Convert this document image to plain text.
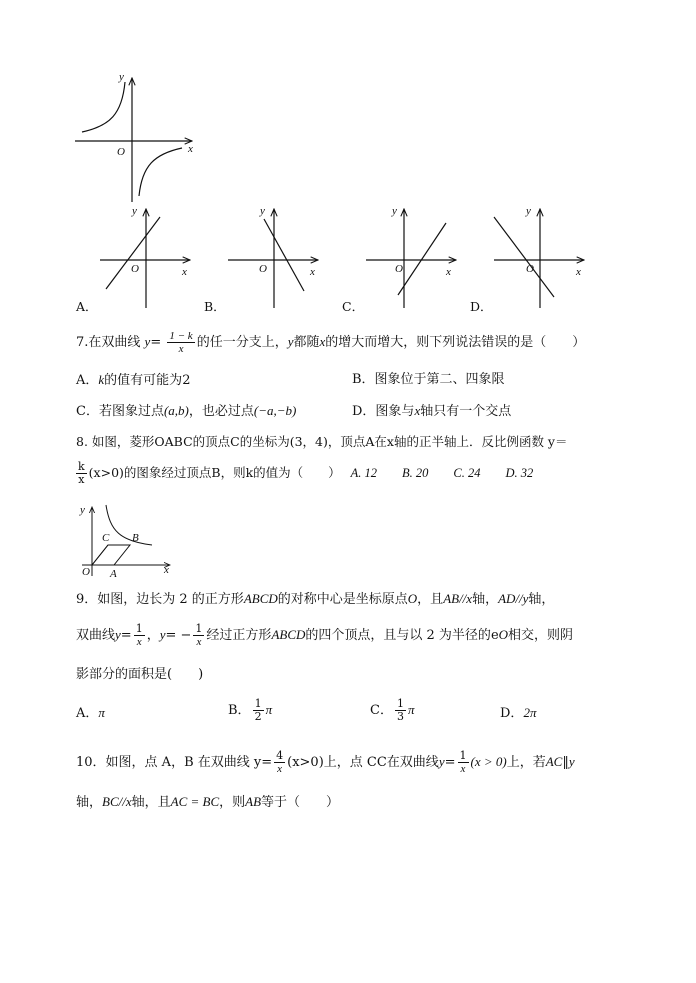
y
O	x
y
O	x
y
O	x
y
O	x
y
O	x
A．	B．	C．	D．
7.在双曲线 $y= \frac{1 - k}{x}$ 的任一分支上，y都随x的增大而增大，则下列说法错误的是（　　）
A．k的值有可能为2	B．图象位于第二、四象限
C．若图象过点(a,b)，也必过点(−a,−b)	D．图象与x轴只有一个交点
8. 如图，菱形OABC的顶点C的坐标为(3，4)，顶点A在x轴的正半轴上．反比例函数 y＝
$\frac{k}{x} (x>0)$的图象经过顶点B，则k的值为（　　） A. 12　　B. 20　　C. 24　　D. 32
y
C B
O A	x
9．如图，边长为 2 的正方形ABCD的对称中心是坐标原点O，且AB//x轴，AD//y轴，
双曲线$y= \frac{1}{x}$ ，$y= - \frac{1}{x}$ 经过正方形ABCD的四个顶点，且与以 2 为半径的eO相交，则阴
影部分的面积是(　　)
A．π	B． $\frac{1}{2}$ π	C． $\frac{1}{3}$ π	D．2π
10．如图，点 A，B 在双曲线 $y= \frac{4}{x} (x>0)$上，点 CC在双曲线$y= \frac{1}{x} (x > 0)$上，若AC‖y
轴，BC//x轴，且AC = BC，则AB等于（　　）
